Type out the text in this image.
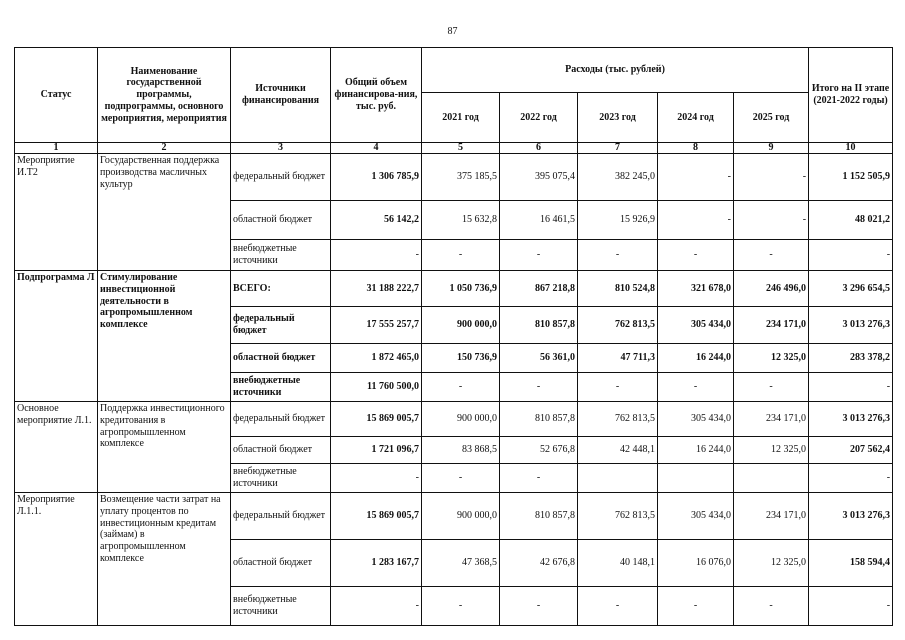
87
Статус	Наименование государственной программы, подпрограммы, основного мероприятия, мероприятия	Источники финансирования	Общий объем финансирова-ния, тыс. руб.	Расходы (тыс. рублей)					Итого на II этапе (2021-2022 годы)
				2021 год	2022 год	2023 год	2024 год	2025 год	
1	2	3	4	5	6	7	8	9	10
Мероприятие И.Т2	Государственная поддержка производства масличных культур	федеральный бюджет	1 306 785,9	375 185,5	395 075,4	382 245,0	-	-	1 152 505,9
		областной бюджет	56 142,2	15 632,8	16 461,5	15 926,9	-	-	48 021,2
		внебюджетные источники	-	-	-	-	-	-	-
Подпрограмма Л	Стимулирование инвестиционной деятельности в агропромышленном комплексе	ВСЕГО:	31 188 222,7	1 050 736,9	867 218,8	810 524,8	321 678,0	246 496,0	3 296 654,5
		федеральный бюджет	17 555 257,7	900 000,0	810 857,8	762 813,5	305 434,0	234 171,0	3 013 276,3
		областной бюджет	1 872 465,0	150 736,9	56 361,0	47 711,3	16 244,0	12 325,0	283 378,2
		внебюджетные источники	11 760 500,0	-	-	-	-	-	-
Основное мероприятие Л.1.	Поддержка инвестиционного кредитования в агропромышленном комплексе	федеральный бюджет	15 869 005,7	900 000,0	810 857,8	762 813,5	305 434,0	234 171,0	3 013 276,3
		областной бюджет	1 721 096,7	83 868,5	52 676,8	42 448,1	16 244,0	12 325,0	207 562,4
		внебюджетные источники	-	-	-				-
Мероприятие Л.1.1.	Возмещение части затрат на уплату процентов по инвестиционным кредитам (займам) в агропромышленном комплексе	федеральный бюджет	15 869 005,7	900 000,0	810 857,8	762 813,5	305 434,0	234 171,0	3 013 276,3
		областной бюджет	1 283 167,7	47 368,5	42 676,8	40 148,1	16 076,0	12 325,0	158 594,4
		внебюджетные источники	-	-	-	-	-	-	-
